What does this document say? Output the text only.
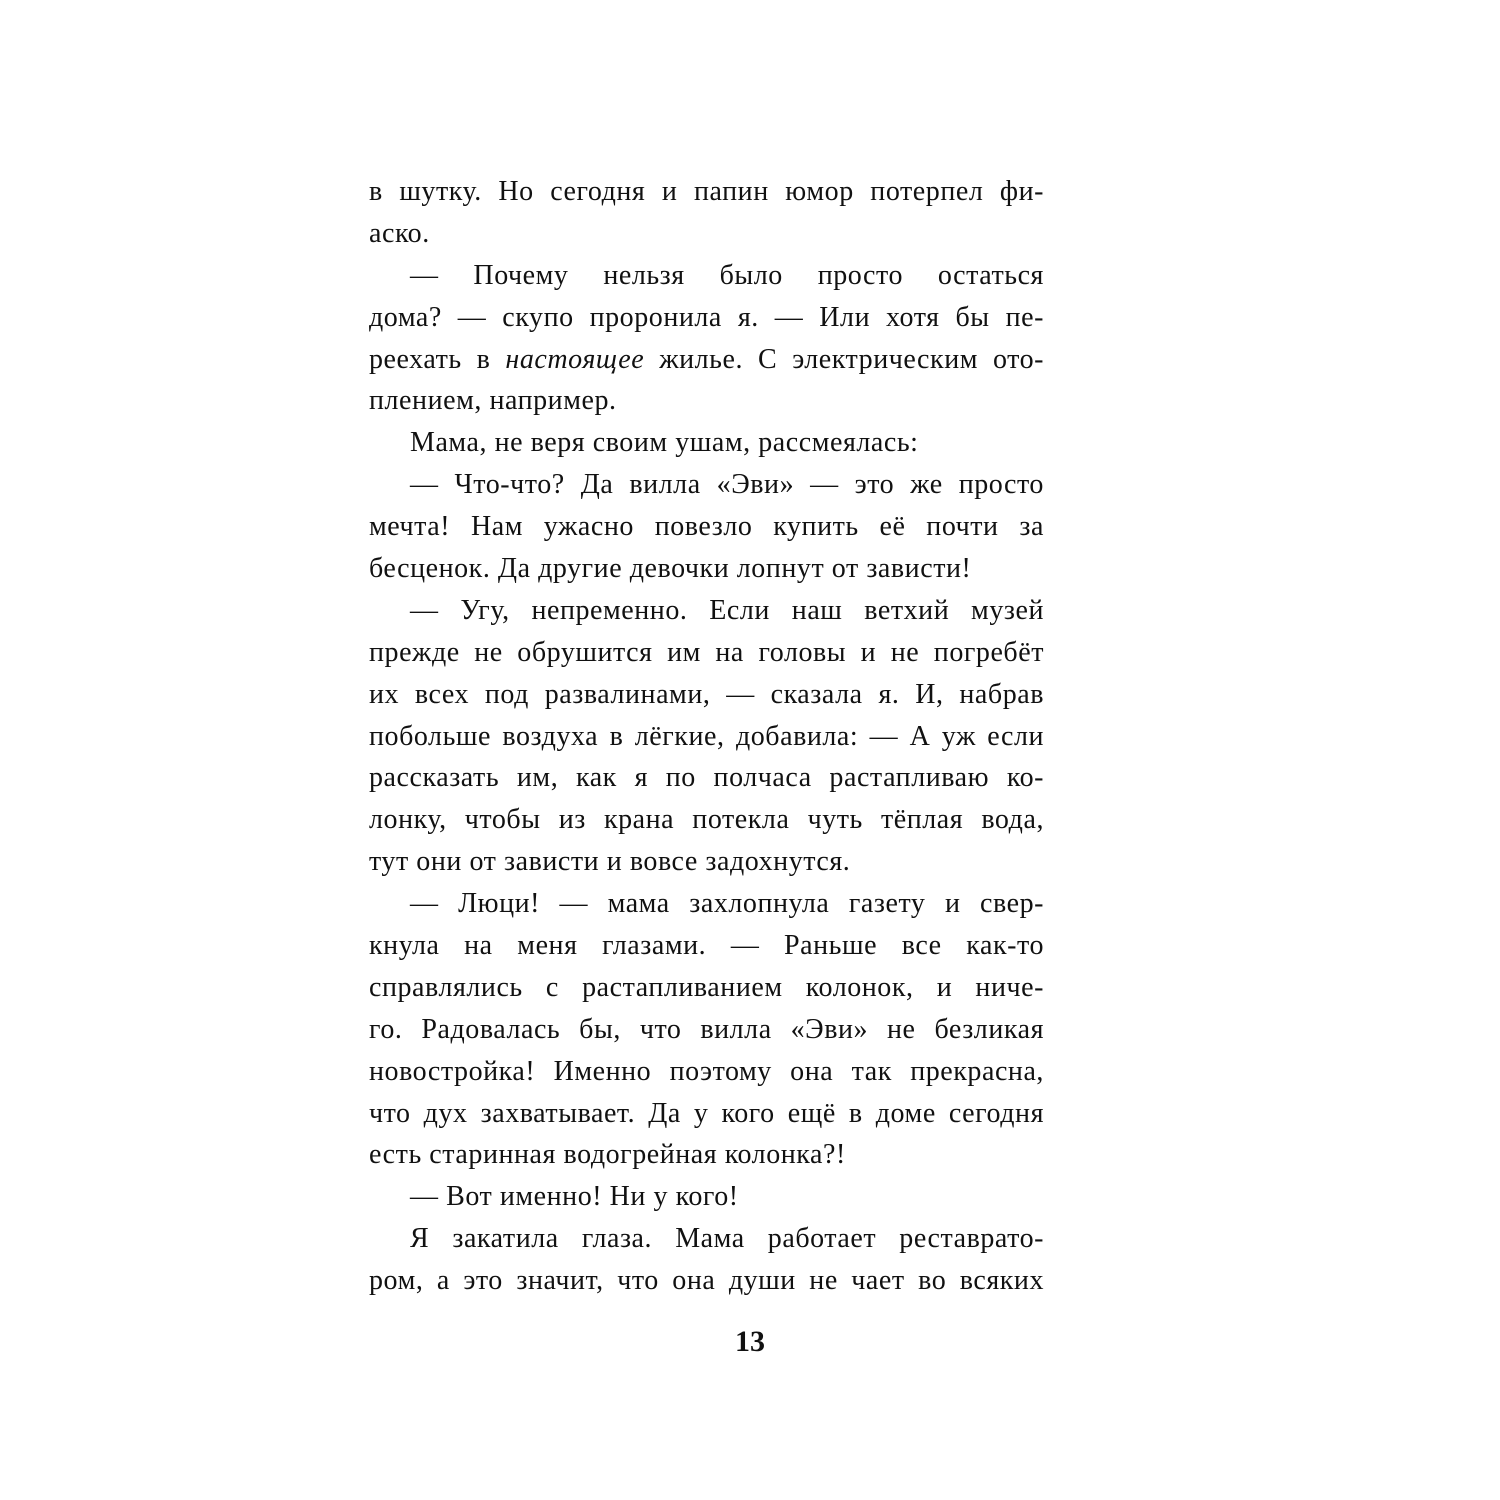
в шутку. Но сегодня и папин юмор потерпел фи-
аско.
— Почему нельзя было просто остаться
дома? — скупо проронила я. — Или хотя бы пе-
реехать в настоящее жилье. С электрическим ото-
плением, например.
Мама, не веря своим ушам, рассмеялась:
— Что-что? Да вилла «Эви» — это же просто
мечта! Нам ужасно повезло купить её почти за
бесценок. Да другие девочки лопнут от зависти!
— Угу, непременно. Если наш ветхий музей
прежде не обрушится им на головы и не погребёт
их всех под развалинами, — сказала я. И, набрав
побольше воздуха в лёгкие, добавила: — А уж если
рассказать им, как я по полчаса растапливаю ко-
лонку, чтобы из крана потекла чуть тёплая вода,
тут они от зависти и вовсе задохнутся.
— Люци! — мама захлопнула газету и свер-
кнула на меня глазами. — Раньше все как-то
справлялись с растапливанием колонок, и ниче-
го. Радовалась бы, что вилла «Эви» не безликая
новостройка! Именно поэтому она так прекрасна,
что дух захватывает. Да у кого ещё в доме сегодня
есть старинная водогрейная колонка?!
— Вот именно! Ни у кого!
Я закатила глаза. Мама работает реставрато-
ром, а это значит, что она души не чает во всяких
13
